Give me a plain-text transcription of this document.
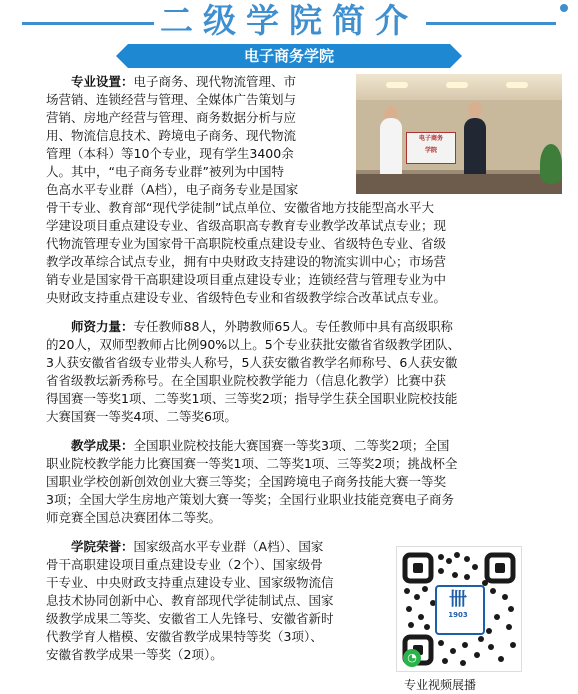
二级学院简介
电子商务学院
电子商务
学院
专业设置：电子商务、现代物流管理、市
场营销、连锁经营与管理、全媒体广告策划与
营销、房地产经营与管理、商务数据分析与应
用、物流信息技术、跨境电子商务、现代物流
管理（本科）等10个专业，现有学生3400余
人。其中，“电子商务专业群”被列为中国特
色高水平专业群（A档），电子商务专业是国家
骨干专业、教育部“现代学徒制”试点单位、安徽省地方技能型高水平大
学建设项目重点建设专业、省级高职高专教育专业教学改革试点专业；现
代物流管理专业为国家骨干高职院校重点建设专业、省级特色专业、省级
教学改革综合试点专业，拥有中央财政支持建设的物流实训中心；市场营
销专业是国家骨干高职建设项目重点建设专业；连锁经营与管理专业为中
央财政支持重点建设专业、省级特色专业和省级教学综合改革试点专业。
师资力量：专任教师88人，外聘教师65人。专任教师中具有高级职称
的20人，双师型教师占比例90%以上。5个专业获批安徽省省级教学团队、
3人获安徽省省级专业带头人称号，5人获安徽省教学名师称号、6人获安徽
省省级教坛新秀称号。在全国职业院校教学能力（信息化教学）比赛中获
得国赛一等奖1项、二等奖1项、三等奖2项；指导学生获全国职业院校技能
大赛国赛一等奖4项、二等奖6项。
教学成果：全国职业院校技能大赛国赛一等奖3项、二等奖2项；全国
职业院校教学能力比赛国赛一等奖1项、二等奖1项、三等奖2项；挑战杯全
国职业学校创新创效创业大赛三等奖；全国跨境电子商务技能大赛一等奖
3项；全国大学生房地产策划大赛一等奖；全国行业职业技能竞赛电子商务
师竞赛全国总决赛团体二等奖。
学院荣誉：国家级高水平专业群（A档）、国家
骨干高职建设项目重点建设专业（2个）、国家级骨
干专业、中央财政支持重点建设专业、国家级物流信
息技术协同创新中心、教育部现代学徒制试点、国家
级教学成果二等奖、安徽省工人先锋号、安徽省新时
代教学育人楷模、安徽省教学成果特等奖（3项）、
安徽省教学成果一等奖（2项）。
卌
1903
◔
专业视频展播
